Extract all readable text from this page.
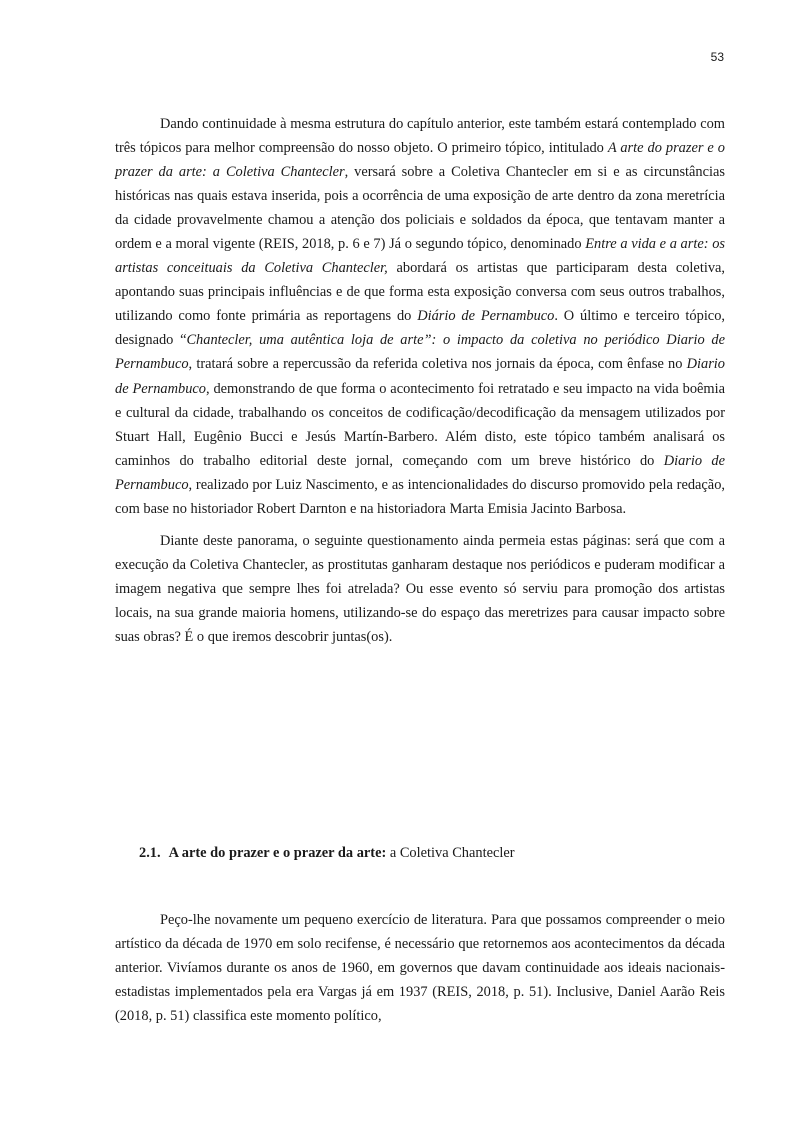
53

Dando continuidade à mesma estrutura do capítulo anterior, este também estará contemplado com três tópicos para melhor compreensão do nosso objeto. O primeiro tópico, intitulado A arte do prazer e o prazer da arte: a Coletiva Chantecler, versará sobre a Coletiva Chantecler em si e as circunstâncias históricas nas quais estava inserida, pois a ocorrência de uma exposição de arte dentro da zona meretrícia da cidade provavelmente chamou a atenção dos policiais e soldados da época, que tentavam manter a ordem e a moral vigente (REIS, 2018, p. 6 e 7) Já o segundo tópico, denominado Entre a vida e a arte: os artistas conceituais da Coletiva Chantecler, abordará os artistas que participaram desta coletiva, apontando suas principais influências e de que forma esta exposição conversa com seus outros trabalhos, utilizando como fonte primária as reportagens do Diário de Pernambuco. O último e terceiro tópico, designado “Chantecler, uma autêntica loja de arte”: o impacto da coletiva no periódico Diario de Pernambuco, tratará sobre a repercussão da referida coletiva nos jornais da época, com ênfase no Diario de Pernambuco, demonstrando de que forma o acontecimento foi retratado e seu impacto na vida boêmia e cultural da cidade, trabalhando os conceitos de codificação/decodificação da mensagem utilizados por Stuart Hall, Eugênio Bucci e Jesús Martín-Barbero. Além disto, este tópico também analisará os caminhos do trabalho editorial deste jornal, começando com um breve histórico do Diario de Pernambuco, realizado por Luiz Nascimento, e as intencionalidades do discurso promovido pela redação, com base no historiador Robert Darnton e na historiadora Marta Emisia Jacinto Barbosa.

Diante deste panorama, o seguinte questionamento ainda permeia estas páginas: será que com a execução da Coletiva Chantecler, as prostitutas ganharam destaque nos periódicos e puderam modificar a imagem negativa que sempre lhes foi atrelada? Ou esse evento só serviu para promoção dos artistas locais, na sua grande maioria homens, utilizando-se do espaço das meretrizes para causar impacto sobre suas obras? É o que iremos descobrir juntas(os).

2.1. A arte do prazer e o prazer da arte: a Coletiva Chantecler

Peço-lhe novamente um pequeno exercício de literatura. Para que possamos compreender o meio artístico da década de 1970 em solo recifense, é necessário que retornemos aos acontecimentos da década anterior. Vivíamos durante os anos de 1960, em governos que davam continuidade aos ideais nacionais-estadistas implementados pela era Vargas já em 1937 (REIS, 2018, p. 51). Inclusive, Daniel Aarão Reis (2018, p. 51) classifica este momento político,
